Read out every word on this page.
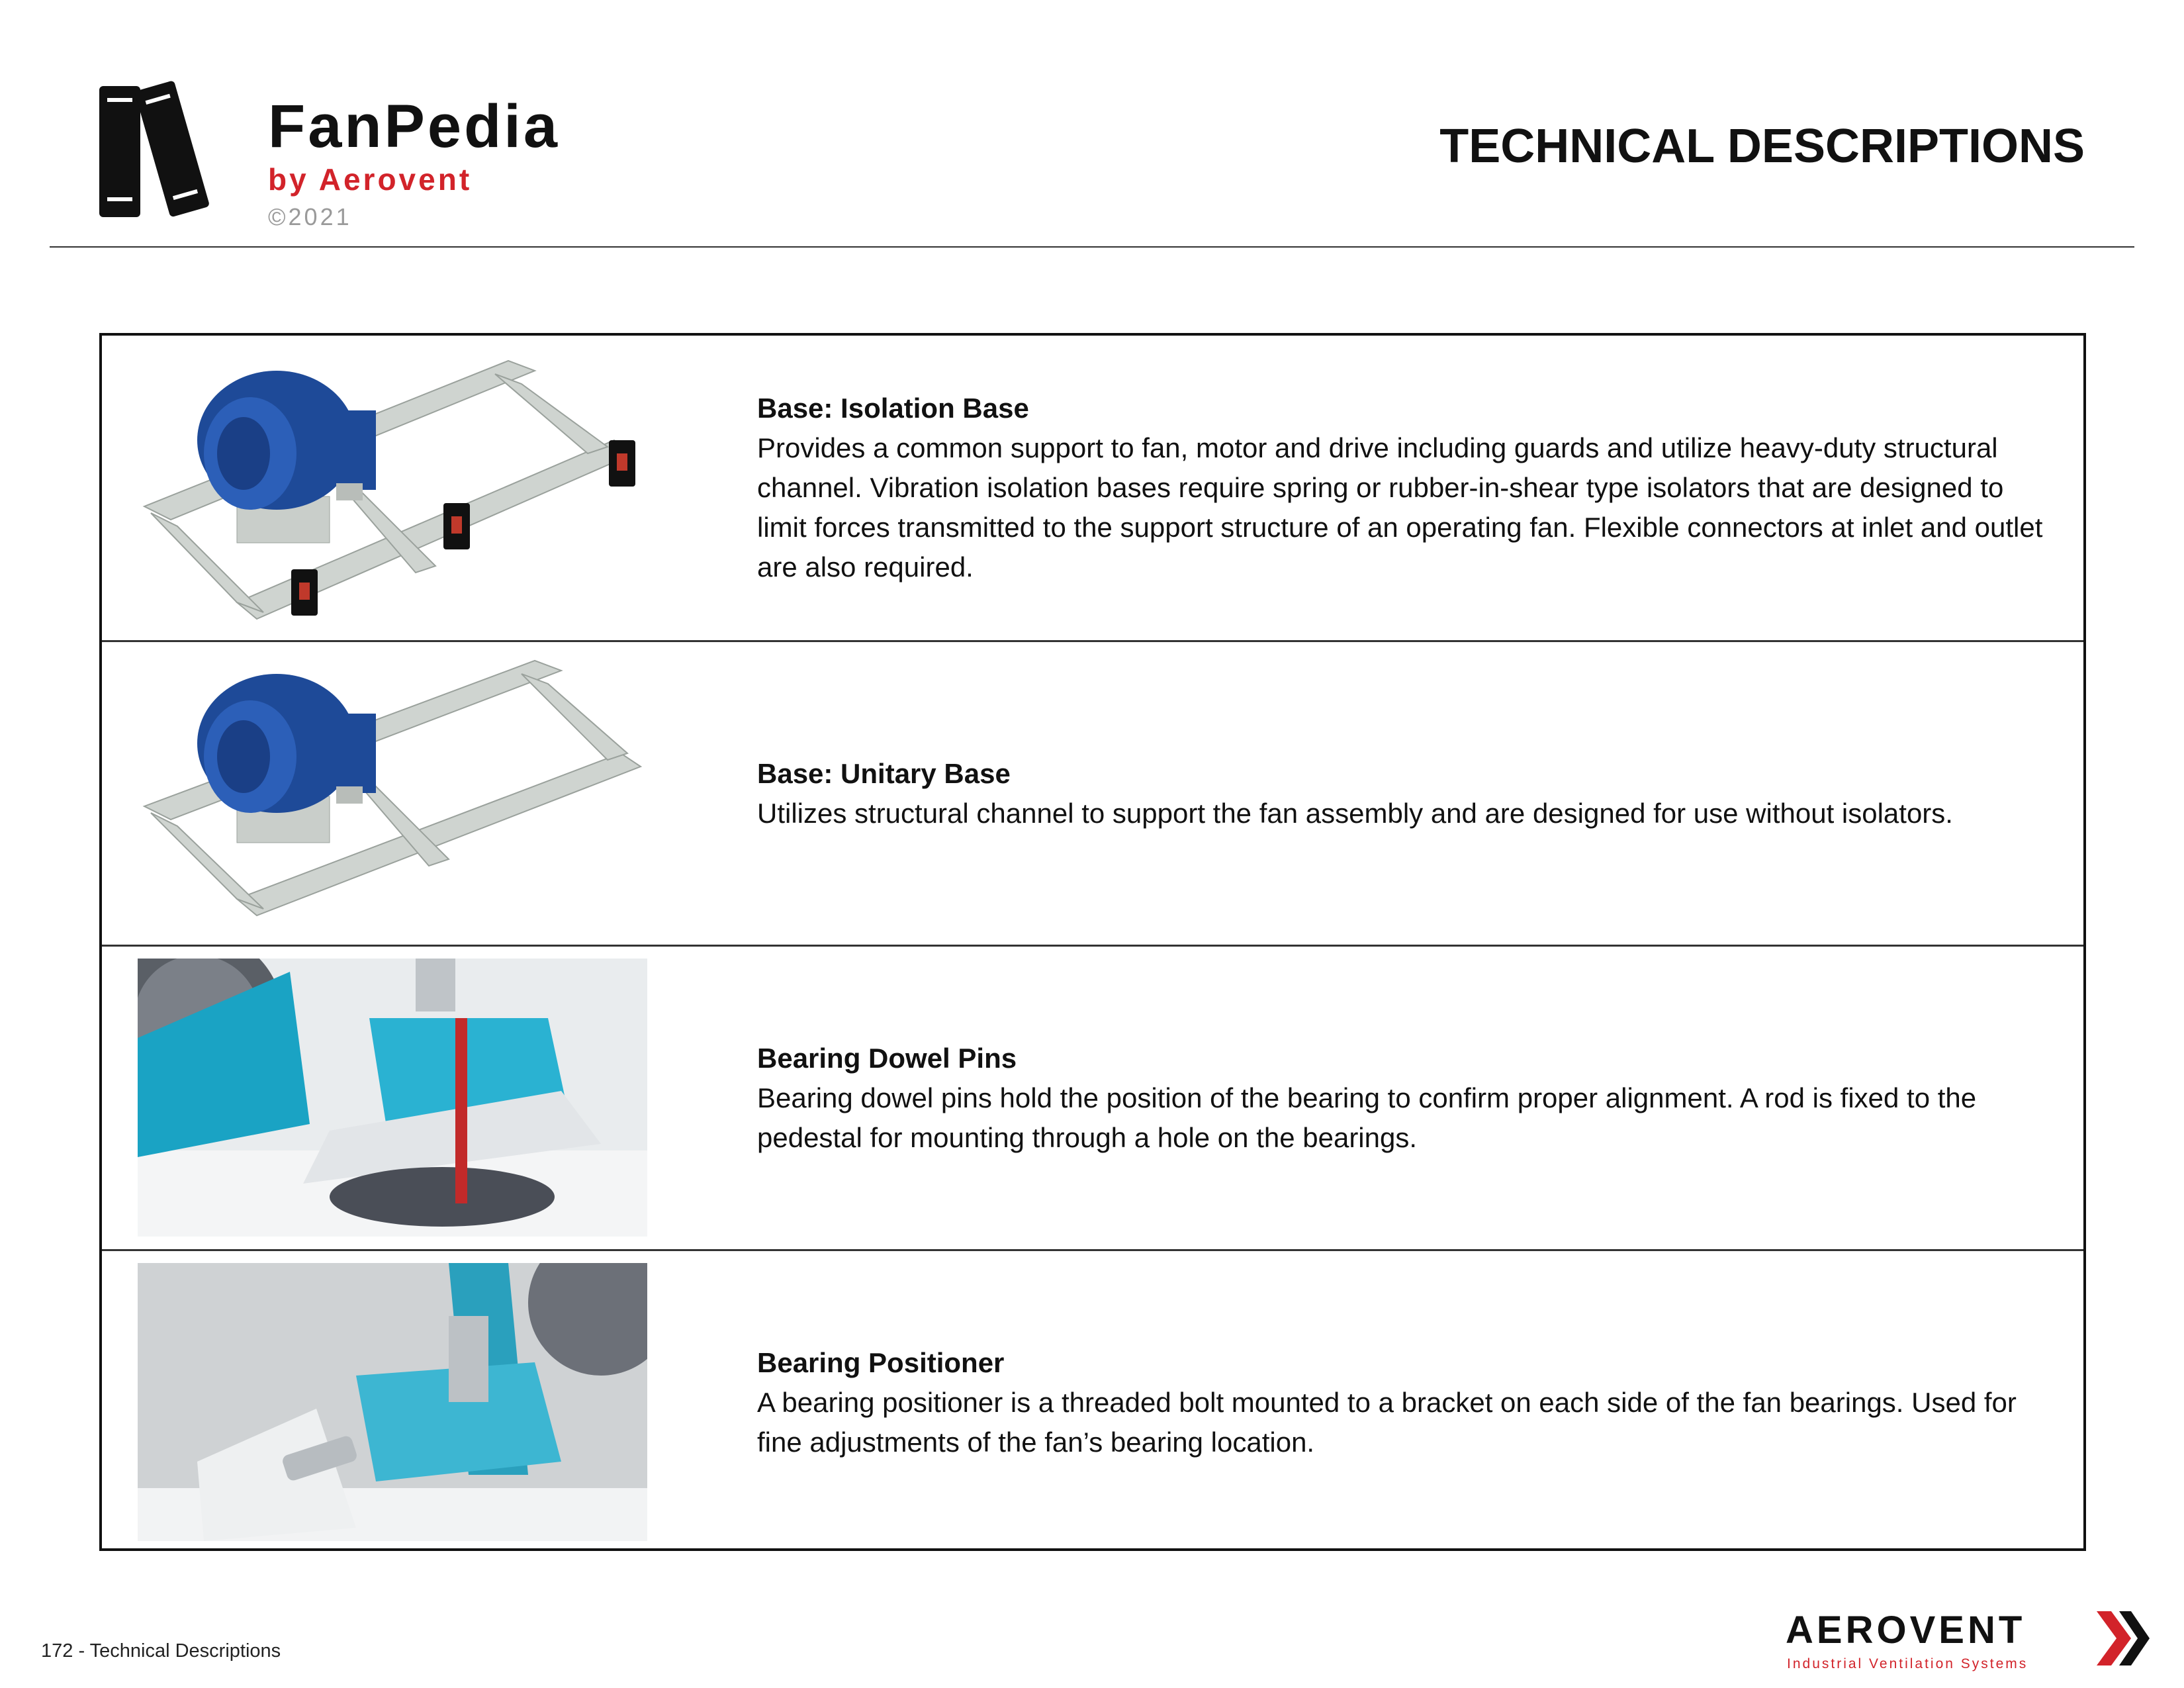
FanPedia
by Aerovent
©2021
TECHNICAL DESCRIPTIONS
Base: Isolation Base
Provides a common support to fan, motor and drive including guards and utilize heavy-duty structural channel. Vibration isolation bases require spring or rubber-in-shear type isolators that are designed to limit forces transmitted to the support structure of an operating fan. Flexible connectors at inlet and outlet are also required.
Base: Unitary Base
Utilizes structural channel to support the fan assembly and are designed for use without isolators.
Bearing Dowel Pins
Bearing dowel pins hold the position of the bearing to confirm proper alignment. A rod is fixed to the pedestal for mounting through a hole on the bearings.
Bearing Positioner
A bearing positioner is a threaded bolt mounted to a bracket on each side of the fan bearings. Used for fine adjustments of the fan’s bearing location.
172 - Technical Descriptions	AEROVENT
Industrial Ventilation Systems
